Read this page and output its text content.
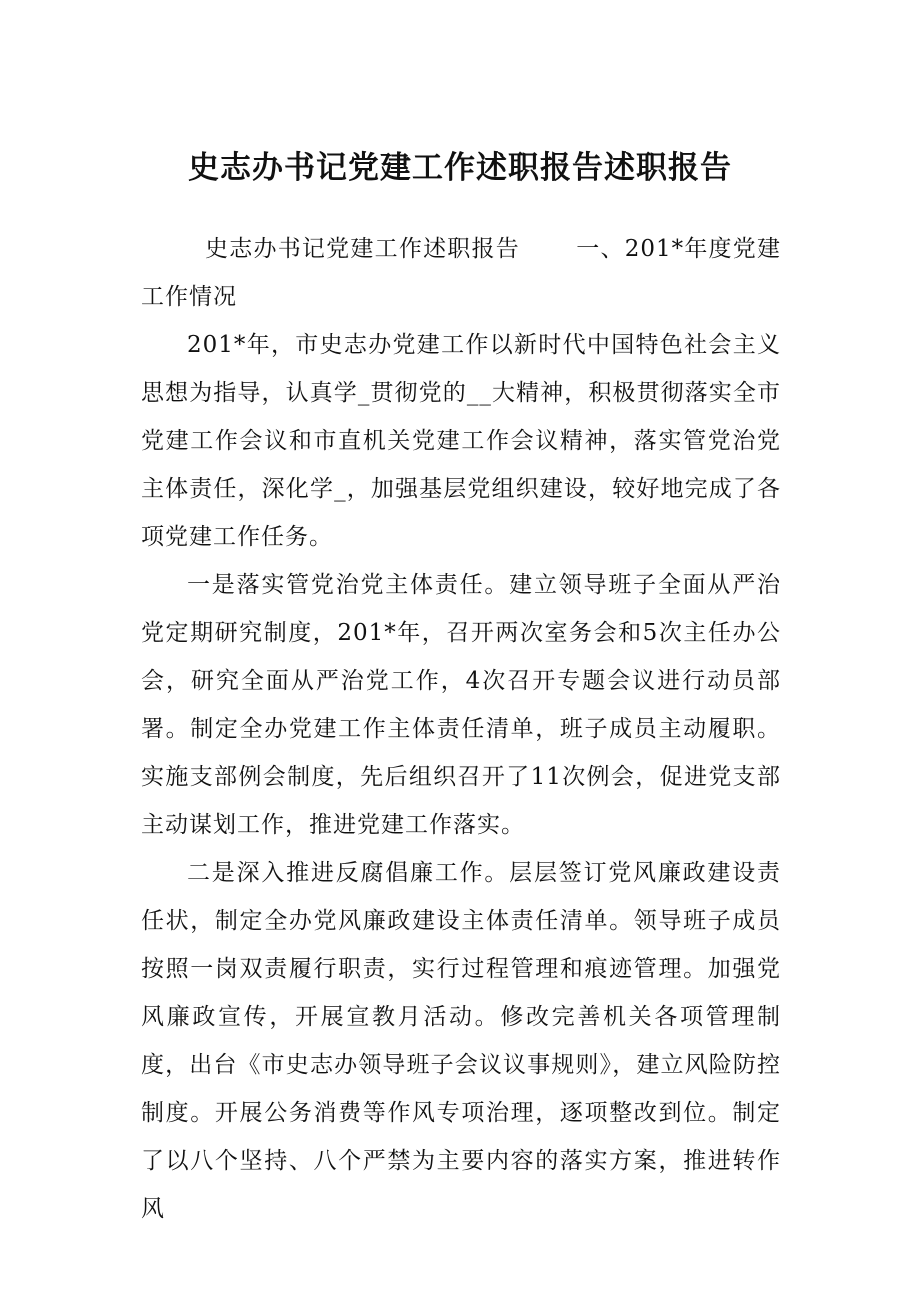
史志办书记党建工作述职报告述职报告

史志办书记党建工作述职报告 一、201*年度党建工作情况

201*年，市史志办党建工作以新时代中国特色社会主义思想为指导，认真学_贯彻党的__大精神，积极贯彻落实全市党建工作会议和市直机关党建工作会议精神，落实管党治党主体责任，深化学_，加强基层党组织建设，较好地完成了各项党建工作任务。

一是落实管党治党主体责任。建立领导班子全面从严治党定期研究制度，201*年，召开两次室务会和5次主任办公会，研究全面从严治党工作，4次召开专题会议进行动员部署。制定全办党建工作主体责任清单，班子成员主动履职。实施支部例会制度，先后组织召开了11次例会，促进党支部主动谋划工作，推进党建工作落实。

二是深入推进反腐倡廉工作。层层签订党风廉政建设责任状，制定全办党风廉政建设主体责任清单。领导班子成员按照一岗双责履行职责，实行过程管理和痕迹管理。加强党风廉政宣传，开展宣教月活动。修改完善机关各项管理制度，出台《市史志办领导班子会议议事规则》，建立风险防控制度。开展公务消费等作风专项治理，逐项整改到位。制定了以八个坚持、八个严禁为主要内容的落实方案，推进转作风
